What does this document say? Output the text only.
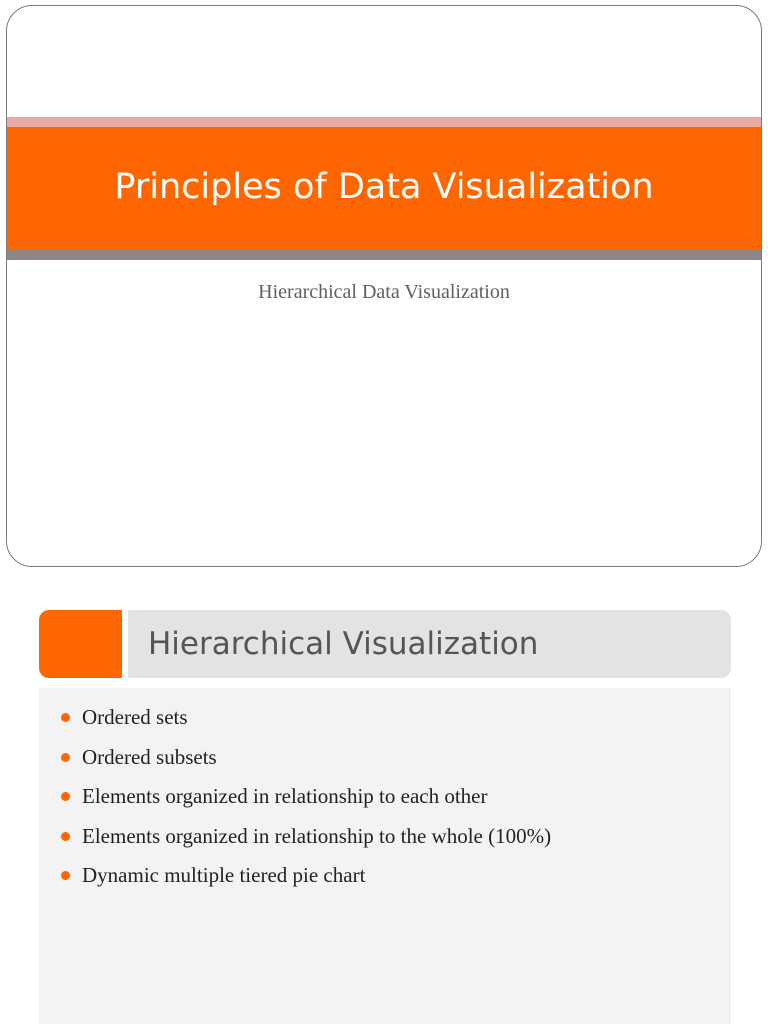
Principles of Data Visualization
Hierarchical Data Visualization
Hierarchical Visualization
Ordered sets
Ordered subsets
Elements organized in relationship to each other
Elements organized in relationship to the whole (100%)
Dynamic multiple tiered pie chart
